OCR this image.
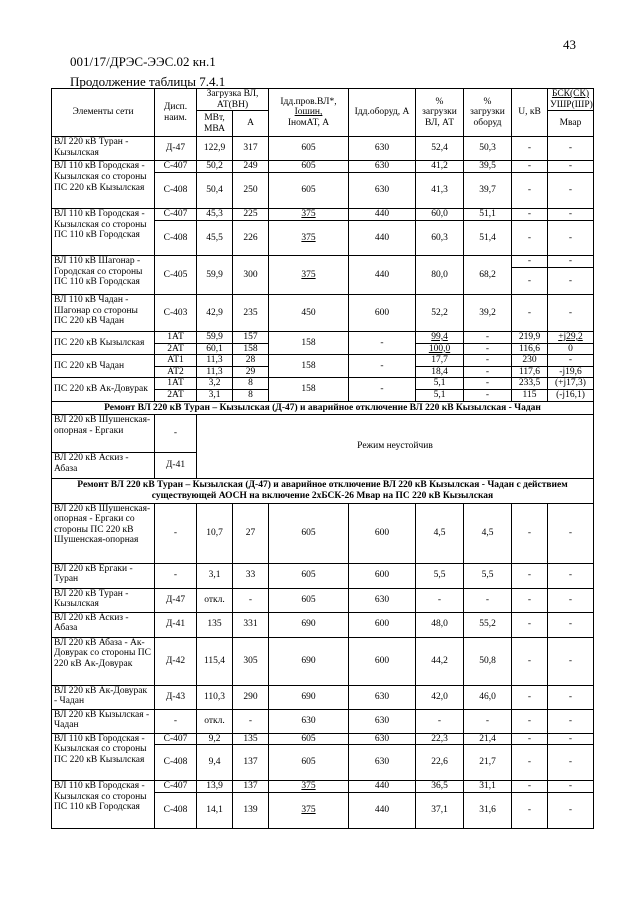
43
001/17/ДРЭС-ЭЭС.02 кн.1
Продолжение таблицы 7.4.1
Элементы сети	Дисп. наим.	Загрузка ВЛ, АТ(ВН)		Iдд.пров.ВЛ*,
Iошин,
IномАТ, А	Iдд.оборуд, А	% загрузки ВЛ, АТ	% загрузки оборуд	U, кВ	БСК(СК)
УШР(ШР)
		МВт, МВА	А						Мвар
ВЛ 220 кВ Туран - Кызылская	Д-47	122,9	317	605	630	52,4	50,3	-	-
ВЛ 110 кВ Городская - Кызылская со стороны ПС 220 кВ Кызылская	С-407	50,2	249	605	630	41,2	39,5	-	-
	С-408	50,4	250	605	630	41,3	39,7	-	-
ВЛ 110 кВ Городская - Кызылская со стороны ПС 110 кВ Городская	С-407	45,3	225	375	440	60,0	51,1	-	-
	С-408	45,5	226	375	440	60,3	51,4	-	-
ВЛ 110 кВ Шагонар - Городская со стороны ПС 110 кВ Городская	С-405	59,9	300	375	440	80,0	68,2	-	-
								-	-
ВЛ 110 кВ Чадан - Шагонар со стороны ПС 220 кВ Чадан	С-403	42,9	235	450	600	52,2	39,2	-	-
ПС 220 кВ Кызылская	1АТ	59,9	157	158	-	99,4	-	219,9	+j29,2
	2АТ	60,1	158			100,0	-	116,6	0
ПС 220 кВ Чадан	АТ1	11,3	28	158	-	17,7	-	230	-
	АТ2	11,3	29			18,4	-	117,6	-j19,6
ПС 220 кВ Ак-Довурак	1АТ	3,2	8	158	-	5,1	-	233,5	(+j17,3)
	2АТ	3,1	8			5,1	-	115	(-j16,1)
Ремонт ВЛ 220 кВ Туран – Кызылская (Д-47) и аварийное отключение ВЛ 220 кВ Кызылская - Чадан									
ВЛ 220 кВ Шушенская-опорная - Ергаки	-	Режим неустойчив							
ВЛ 220 кВ Аскиз - Абаза	Д-41								
Ремонт ВЛ 220 кВ Туран – Кызылская (Д-47) и аварийное отключение ВЛ 220 кВ Кызылская - Чадан с действием существующей АОСН на включение 2хБСК-26 Мвар на ПС 220 кВ Кызылская									
ВЛ 220 кВ Шушенская-опорная - Ергаки со стороны ПС 220 кВ Шушенская-опорная	-	10,7	27	605	600	4,5	4,5	-	-
ВЛ 220 кВ Ергаки - Туран	-	3,1	33	605	600	5,5	5,5	-	-
ВЛ 220 кВ Туран - Кызылская	Д-47	откл.	-	605	630	-	-	-	-
ВЛ 220 кВ Аскиз - Абаза	Д-41	135	331	690	600	48,0	55,2	-	-
ВЛ 220 кВ Абаза - Ак-Довурак со стороны ПС 220 кВ Ак-Довурак	Д-42	115,4	305	690	600	44,2	50,8	-	-
ВЛ 220 кВ Ак-Довурак - Чадан	Д-43	110,3	290	690	630	42,0	46,0	-	-
ВЛ 220 кВ Кызылская - Чадан	-	откл.	-	630	630	-	-	-	-
ВЛ 110 кВ Городская - Кызылская со стороны ПС 220 кВ Кызылская	С-407	9,2	135	605	630	22,3	21,4	-	-
	С-408	9,4	137	605	630	22,6	21,7	-	-
ВЛ 110 кВ Городская - Кызылская со стороны ПС 110 кВ Городская	С-407	13,9	137	375	440	36,5	31,1	-	-
	С-408	14,1	139	375	440	37,1	31,6	-	-
